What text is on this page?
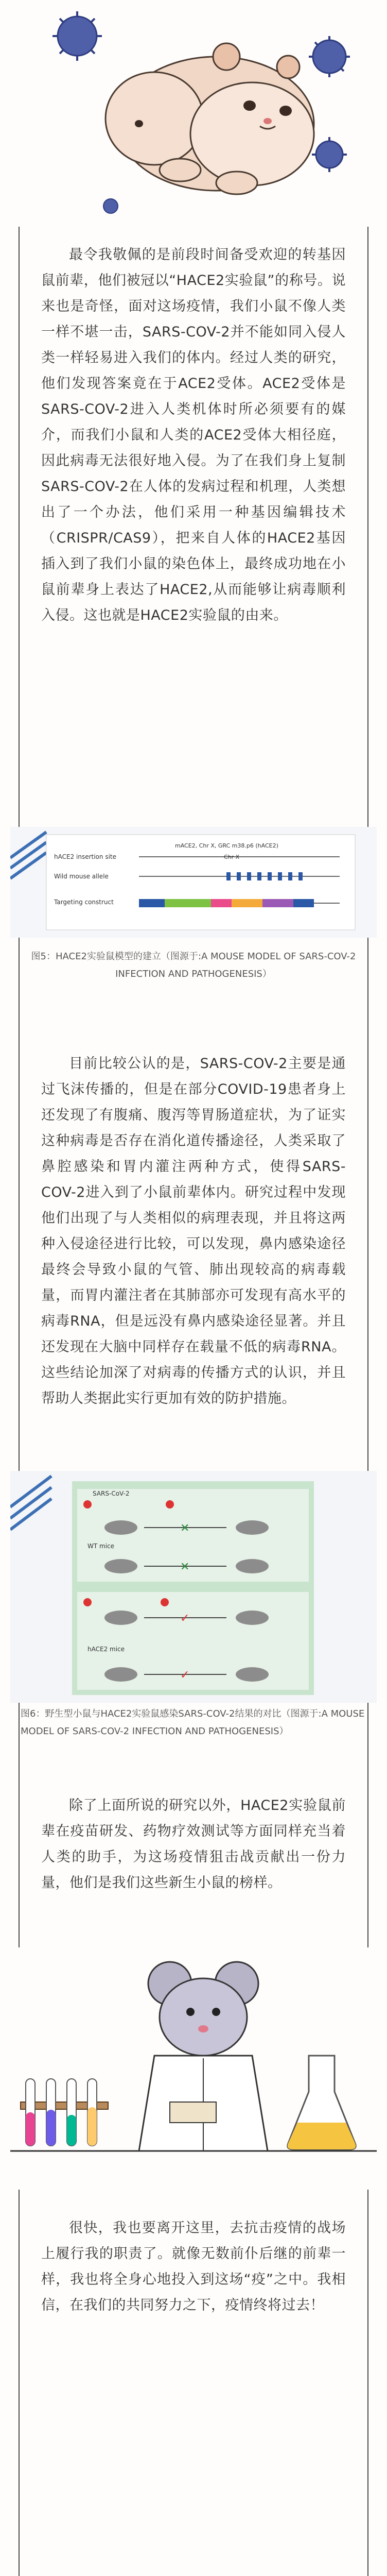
最令我敬佩的是前段时间备受欢迎的转基因鼠前辈，他们被冠以“HACE2实验鼠”的称号。说来也是奇怪，面对这场疫情，我们小鼠不像人类一样不堪一击，SARS-COV-2并不能如同入侵人类一样轻易进入我们的体内。经过人类的研究，他们发现答案竟在于ACE2受体。ACE2受体是SARS-COV-2进入人类机体时所必须要有的媒介，而我们小鼠和人类的ACE2受体大相径庭，因此病毒无法很好地入侵。为了在我们身上复制SARS-COV-2在人体的发病过程和机理，人类想出了一个办法，他们采用一种基因编辑技术（CRISPR/CAS9），把来自人体的HACE2基因插入到了我们小鼠的染色体上，最终成功地在小鼠前辈身上表达了HACE2,从而能够让病毒顺利入侵。这也就是HACE2实验鼠的由来。

mACE2, Chr X, GRC m38.p6 (hACE2)
hACE2 insertion site	Chr X
Wild mouse allele
Targeting construct
图5：HACE2实验鼠模型的建立（图源于:A MOUSE MODEL OF SARS-COV-2 INFECTION AND PATHOGENESIS）

目前比较公认的是，SARS-COV-2主要是通过飞沫传播的，但是在部分COVID-19患者身上还发现了有腹痛、腹泻等胃肠道症状，为了证实这种病毒是否存在消化道传播途径，人类采取了鼻腔感染和胃内灌注两种方式，使得SARS-COV-2进入到了小鼠前辈体内。研究过程中发现他们出现了与人类相似的病理表现，并且将这两种入侵途径进行比较，可以发现，鼻内感染途径最终会导致小鼠的气管、肺出现较高的病毒载量，而胃内灌注者在其肺部亦可发现有高水平的病毒RNA，但是远没有鼻内感染途径显著。并且还发现在大脑中同样存在载量不低的病毒RNA。这些结论加深了对病毒的传播方式的认识，并且帮助人类据此实行更加有效的防护措施。

SARS-CoV-2
WT mice
hACE2 mice
✕
✕
✓
✓
图6：野生型小鼠与HACE2实验鼠感染SARS-COV-2结果的对比（图源于:A MOUSE MODEL OF SARS-COV-2 INFECTION AND PATHOGENESIS）

除了上面所说的研究以外，HACE2实验鼠前辈在疫苗研发、药物疗效测试等方面同样充当着人类的助手，为这场疫情狙击战贡献出一份力量，他们是我们这些新生小鼠的榜样。

很快，我也要离开这里，去抗击疫情的战场上履行我的职责了。就像无数前仆后继的前辈一样，我也将全身心地投入到这场“疫”之中。我相信，在我们的共同努力之下，疫情终将过去！
